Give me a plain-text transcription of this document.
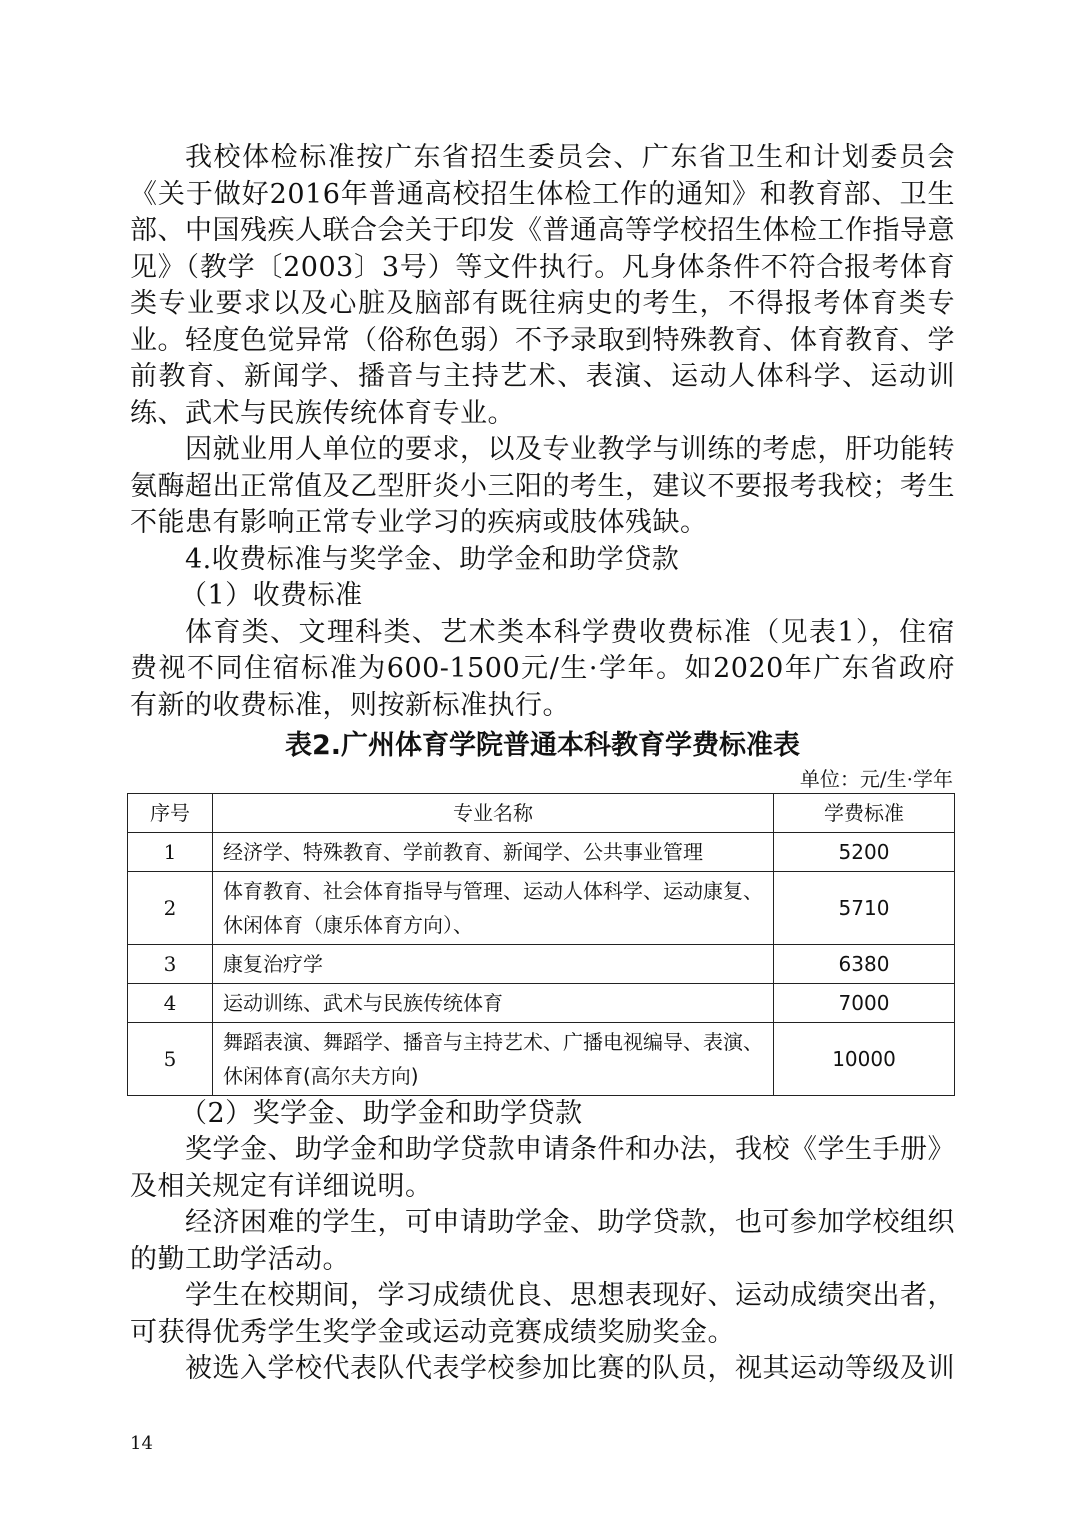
我校体检标准按广东省招生委员会、广东省卫生和计划委员会《关于做好2016年普通高校招生体检工作的通知》和教育部、卫生部、中国残疾人联合会关于印发《普通高等学校招生体检工作指导意见》（教学〔2003〕3号）等文件执行。凡身体条件不符合报考体育类专业要求以及心脏及脑部有既往病史的考生，不得报考体育类专业。轻度色觉异常（俗称色弱）不予录取到特殊教育、体育教育、学前教育、新闻学、播音与主持艺术、表演、运动人体科学、运动训练、武术与民族传统体育专业。

因就业用人单位的要求，以及专业教学与训练的考虑，肝功能转氨酶超出正常值及乙型肝炎小三阳的考生，建议不要报考我校；考生不能患有影响正常专业学习的疾病或肢体残缺。

4.收费标准与奖学金、助学金和助学贷款

（1）收费标准

体育类、文理科类、艺术类本科学费收费标准（见表1），住宿费视不同住宿标准为600-1500元/生·学年。如2020年广东省政府有新的收费标准，则按新标准执行。

表2.广州体育学院普通本科教育学费标准表

单位：元/生·学年

序号	专业名称	学费标准
1	经济学、特殊教育、学前教育、新闻学、公共事业管理	5200
2	体育教育、社会体育指导与管理、运动人体科学、运动康复、休闲体育（康乐体育方向）、	5710
3	康复治疗学	6380
4	运动训练、武术与民族传统体育	7000
5	舞蹈表演、舞蹈学、播音与主持艺术、广播电视编导、表演、休闲体育(高尔夫方向)	10000

（2）奖学金、助学金和助学贷款

奖学金、助学金和助学贷款申请条件和办法，我校《学生手册》及相关规定有详细说明。

经济困难的学生，可申请助学金、助学贷款，也可参加学校组织的勤工助学活动。

学生在校期间，学习成绩优良、思想表现好、运动成绩突出者，可获得优秀学生奖学金或运动竞赛成绩奖励奖金。

被选入学校代表队代表学校参加比赛的队员，视其运动等级及训

14
